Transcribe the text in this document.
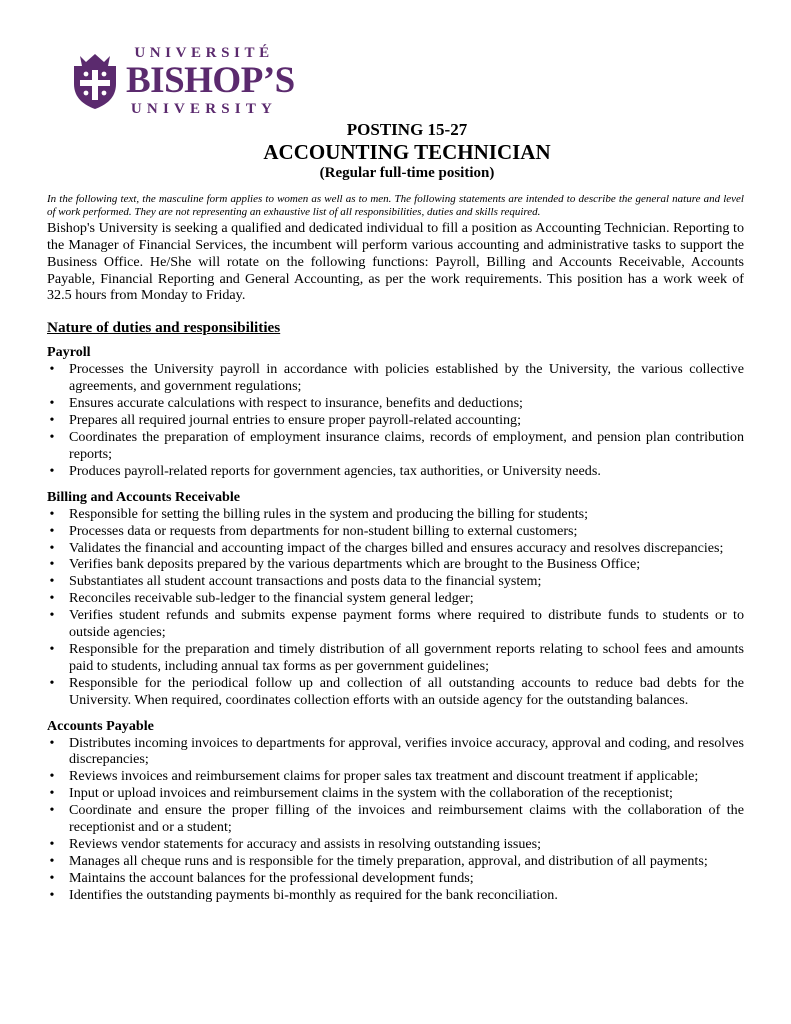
UNIVERSITÉ
BISHOP’S
UNIVERSITY
POSTING 15-27
ACCOUNTING TECHNICIAN
(Regular full-time position)

In the following text, the masculine form applies to women as well as to men. The following statements are intended to describe the general nature and level of work performed. They are not representing an exhaustive list of all responsibilities, duties and skills required.

Bishop's University is seeking a qualified and dedicated individual to fill a position as Accounting Technician. Reporting to the Manager of Financial Services, the incumbent will perform various accounting and administrative tasks to support the Business Office. He/She will rotate on the following functions: Payroll, Billing and Accounts Receivable, Accounts Payable, Financial Reporting and General Accounting, as per the work requirements. This position has a work week of 32.5 hours from Monday to Friday.

Nature of duties and responsibilities
Payroll
• Processes the University payroll in accordance with policies established by the University, the various collective agreements, and government regulations;
• Ensures accurate calculations with respect to insurance, benefits and deductions;
• Prepares all required journal entries to ensure proper payroll-related accounting;
• Coordinates the preparation of employment insurance claims, records of employment, and pension plan contribution reports;
• Produces payroll-related reports for government agencies, tax authorities, or University needs.
Billing and Accounts Receivable
• Responsible for setting the billing rules in the system and producing the billing for students;
• Processes data or requests from departments for non-student billing to external customers;
• Validates the financial and accounting impact of the charges billed and ensures accuracy and resolves discrepancies;
• Verifies bank deposits prepared by the various departments which are brought to the Business Office;
• Substantiates all student account transactions and posts data to the financial system;
• Reconciles receivable sub-ledger to the financial system general ledger;
• Verifies student refunds and submits expense payment forms where required to distribute funds to students or to outside agencies;
• Responsible for the preparation and timely distribution of all government reports relating to school fees and amounts paid to students, including annual tax forms as per government guidelines;
• Responsible for the periodical follow up and collection of all outstanding accounts to reduce bad debts for the University. When required, coordinates collection efforts with an outside agency for the outstanding balances.
Accounts Payable
• Distributes incoming invoices to departments for approval, verifies invoice accuracy, approval and coding, and resolves discrepancies;
• Reviews invoices and reimbursement claims for proper sales tax treatment and discount treatment if applicable;
• Input or upload invoices and reimbursement claims in the system with the collaboration of the receptionist;
• Coordinate and ensure the proper filling of the invoices and reimbursement claims with the collaboration of the receptionist and or a student;
• Reviews vendor statements for accuracy and assists in resolving outstanding issues;
• Manages all cheque runs and is responsible for the timely preparation, approval, and distribution of all payments;
• Maintains the account balances for the professional development funds;
• Identifies the outstanding payments bi-monthly as required for the bank reconciliation.
